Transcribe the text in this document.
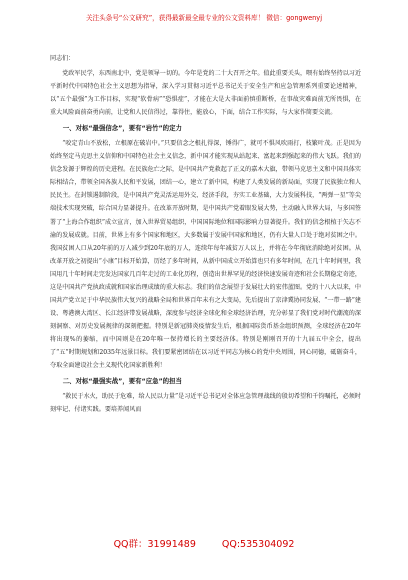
关注头条号“公文研究”，获得最新最全最专业的公文资料库！ 微信：gongwenyj

同志们：

党政军民学，东西南北中，党是领导一切的。今年是党的二十大召开之年。值此重要关头，喂有始终坚持以习近平新时代中国特色社会主义思想为指导，深入学习贯彻习近平总书记关于安全生产和应急管理系列重要论述精神，以“五个最强”为工作目标，实现“软骨病”“恐惧症”，才能在大是大非面前慎重断桥，在事故灾难面前无所畏惧，在重大风险面前奋勇向前，让党和人民信得过，靠得住，能放心，下面，结合工作实际，与大家作简要交流。

一、对标“最强信念”，要有“岩竹”的定力

“咬定青山不放松，立根原在破岩中。”只要信念之根扎得深，锤得广，就可不惧风吹雨打，枝繁叶茂。正是因为始终坚定马克思主义信仰和中国特色社会主义信念，新中国才能实现从站起来、富起来到强起来的伟大飞跃。我们的信念发源于辉煌的历史进程。在民族危亡之际，是中国共产党救起了正义的嘉木大旗，带领马克思主义和中国具体实际相结合，带领全国各族人民和平发展，团结一心，建立了新中国，构建了人类发展的新局面，实现了民族独立和人民民主。在封锁遏制阶段，是中国共产党灵活运用外交、经济手段，夯实工业基础，大力发展科技，“两弹一星”等尖端技术实现突破，综合国力显著提升。在改革开放时期，是中国共产党着眼发展大势，主动融入世界大局，与多国签署了“上海合作组织”成立宣言，加入世界贸易组织，中国国际地位和国际影响力显著提升。我们的信念根植于矢志不渝的发展成就。目前，世界上有多个国家和地区，大多数属于发展中国家和地区，仍有大量人口处于绝对贫困之中。我国贫困人口从20年前的万人减少到20年底的万人，连续年每年减贫万人以上，并将在今年彻底消除绝对贫困。从改革开放之初提出“小康”目标开始算，历经了多年时间，从新中国成立开始算也只有多年时间，在几十年时间里，我国用几十年时间走完发达国家几百年走过的工业化历程，创造出世界罕见的经济快速发展奇迹和社会长期稳定奇迹，这是中国共产党执政成就和国家治理成绩的重大标志。我们的信念展望于发展壮大的宏伟蓝图。党的十八大以来，中国共产党立足于中华民族伟大复兴的战略全局和世界百年未有之大变局，先后提出了京津冀协同发展、“一带一路”建设、粤港澳大湾区、长江经济带发展战略，深度参与经济全球化和全球经济治理，充分彰显了我们党对时代潮流的深刻洞察、对历史发展规律的深刻把握。特别是新冠肺炎疫情发生后，根据国际货币基金组织预测，全球经济在20年将出现%的萎缩，而中国则是在20年唯一保持增长的主要经济体。特别是刚刚召开的十九届五中全会，提出了“五”时期规划和2035年远景目标。我们要紧密团结在以习近平同志为核心的党中央周围，同心同德，砥砺奋斗，夺取全面建设社会主义现代化国家新胜利！

二、对标“最强实战”，要有“应急”的担当

“救民于水火，助民于危难，给人民以力量”是习近平总书记对全体应急管理战线的殷切希望和千钧嘱托，必须时刻牢记、付诸实践。要培养闻风而

QQ群：31991489	QQ:535304092
